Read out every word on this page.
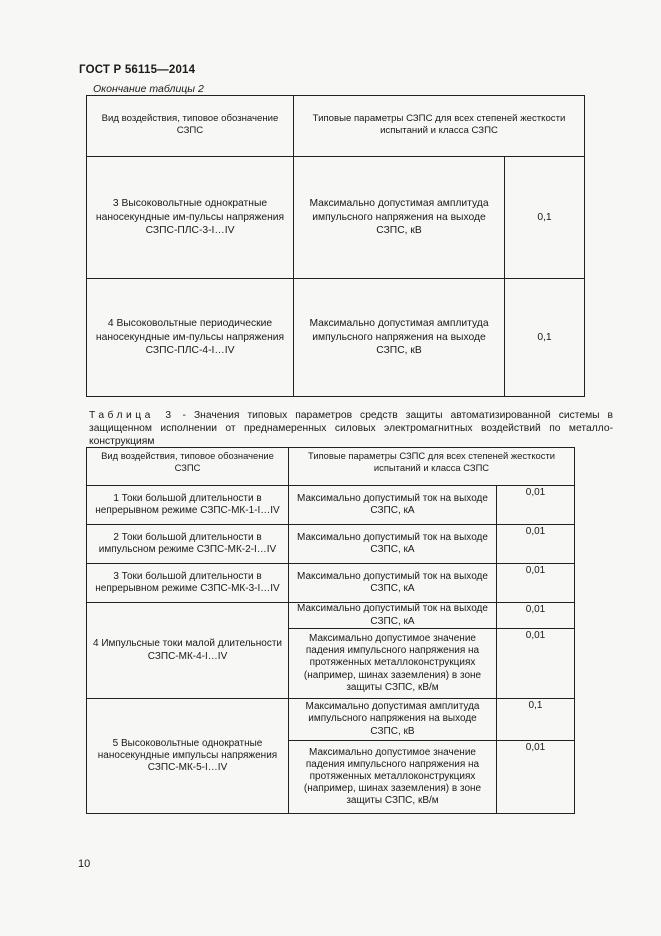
ГОСТ Р 56115—2014
Окончание таблицы 2
Вид воздействия, типовое обозначение СЗПС	Типовые параметры СЗПС для всех степеней жесткости испытаний и класса СЗПС	
3 Высоковольтные однократные наносекундные им-пульсы напряжения СЗПС-ПЛС-3-I…IV	Максимально допустимая амплитуда импульсного напряжения на выходе СЗПС, кВ	0,1
4 Высоковольтные периодические наносекундные им-пульсы напряжения СЗПС-ПЛС-4-I…IV	Максимально допустимая амплитуда импульсного напряжения на выходе СЗПС, кВ	0,1
Таблица 3 - Значения типовых параметров средств защиты автоматизированной системы в защищенном исполнении от преднамеренных силовых электромагнитных воздействий по металло-конструкциям
Вид воздействия, типовое обозначение СЗПС	Типовые параметры СЗПС для всех степеней жесткости испытаний и класса СЗПС	
1 Токи большой длительности в непрерывном режиме СЗПС-МК-1-I…IV	Максимально допустимый ток на выходе СЗПС, кА	0,01
2 Токи большой длительности в импульсном режиме СЗПС-МК-2-I…IV	Максимально допустимый ток на выходе СЗПС, кА	0,01
3 Токи большой длительности в непрерывном режиме СЗПС-МК-3-I…IV	Максимально допустимый ток на выходе СЗПС, кА	0,01
4 Импульсные токи малой длительности СЗПС-МК-4-I…IV	Максимально допустимый ток на выходе СЗПС, кА	0,01
	Максимально допустимое значение падения импульсного напряжения на протяженных металлоконструкциях (например, шинах заземления) в зоне защиты СЗПС, кВ/м	0,01
5 Высоковольтные однократные наносекундные импульсы напряжения СЗПС-МК-5-I…IV	Максимально допустимая амплитуда импульсного напряжения на выходе СЗПС, кВ	0,1
	Максимально допустимое значение падения импульсного напряжения на протяженных металлоконструкциях (например, шинах заземления) в зоне защиты СЗПС, кВ/м	0,01
10
